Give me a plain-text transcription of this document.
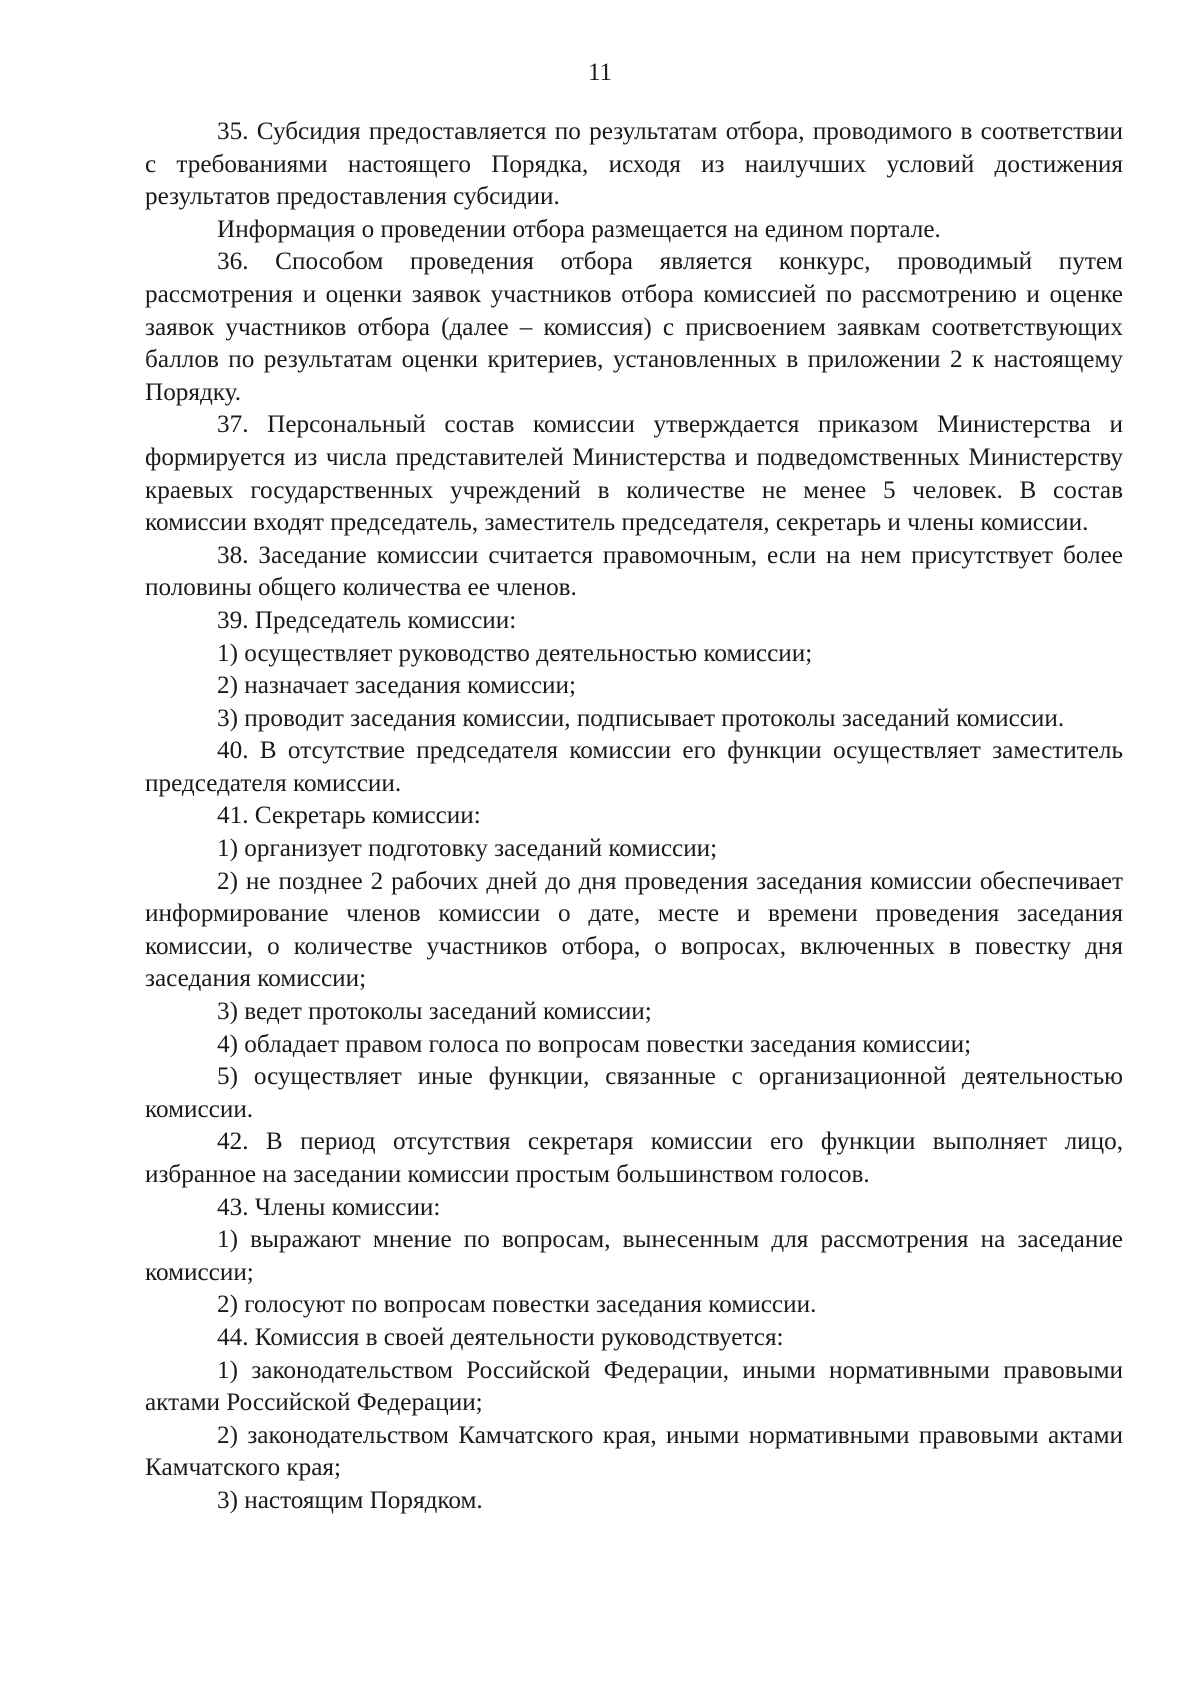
11

35. Субсидия предоставляется по результатам отбора, проводимого в соответствии с требованиями настоящего Порядка, исходя из наилучших условий достижения результатов предоставления субсидии.

Информация о проведении отбора размещается на едином портале.

36. Способом проведения отбора является конкурс, проводимый путем рассмотрения и оценки заявок участников отбора комиссией по рассмотрению и оценке заявок участников отбора (далее – комиссия) с присвоением заявкам соответствующих баллов по результатам оценки критериев, установленных в приложении 2 к настоящему Порядку.

37. Персональный состав комиссии утверждается приказом Министерства и формируется из числа представителей Министерства и подведомственных Министерству краевых государственных учреждений в количестве не менее 5 человек. В состав комиссии входят председатель, заместитель председателя, секретарь и члены комиссии.

38. Заседание комиссии считается правомочным, если на нем присутствует более половины общего количества ее членов.

39. Председатель комиссии:

1) осуществляет руководство деятельностью комиссии;

2) назначает заседания комиссии;

3) проводит заседания комиссии, подписывает протоколы заседаний комиссии.

40. В отсутствие председателя комиссии его функции осуществляет заместитель председателя комиссии.

41. Секретарь комиссии:

1) организует подготовку заседаний комиссии;

2) не позднее 2 рабочих дней до дня проведения заседания комиссии обеспечивает информирование членов комиссии о дате, месте и времени проведения заседания комиссии, о количестве участников отбора, о вопросах, включенных в повестку дня заседания комиссии;

3) ведет протоколы заседаний комиссии;

4) обладает правом голоса по вопросам повестки заседания комиссии;

5) осуществляет иные функции, связанные с организационной деятельностью комиссии.

42. В период отсутствия секретаря комиссии его функции выполняет лицо, избранное на заседании комиссии простым большинством голосов.

43. Члены комиссии:

1) выражают мнение по вопросам, вынесенным для рассмотрения на заседание комиссии;

2) голосуют по вопросам повестки заседания комиссии.

44. Комиссия в своей деятельности руководствуется:

1) законодательством Российской Федерации, иными нормативными правовыми актами Российской Федерации;

2) законодательством Камчатского края, иными нормативными правовыми актами Камчатского края;

3) настоящим Порядком.
